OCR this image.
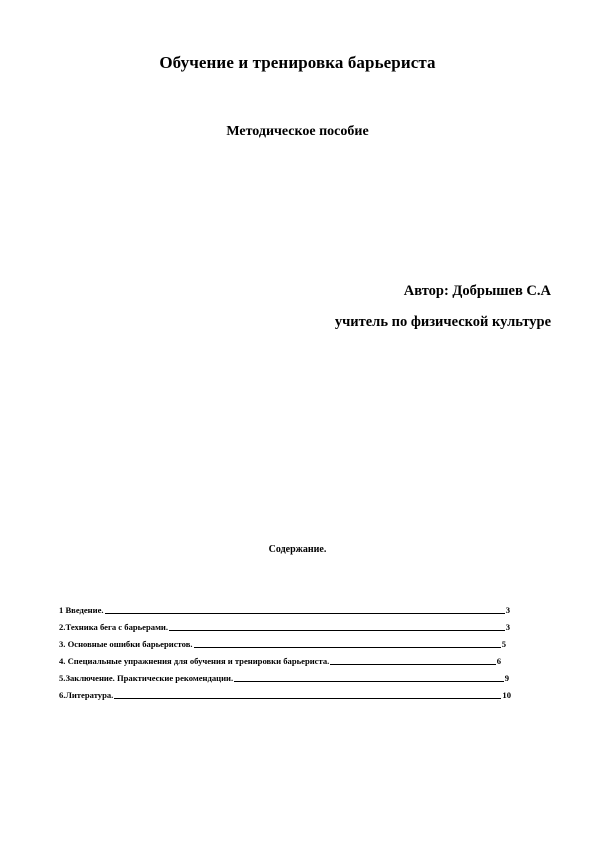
Обучение и тренировка барьериста
Методическое пособие
Автор: Добрышев С.А
учитель по физической культуре
Содержание.
1 Введение.	3
2.Техника бега с барьерами.	3
3. Основные ошибки барьеристов.	5
4. Специальные упражнения для обучения и тренировки барьериста.	6
5.Заключение. Практические рекомендации.	9
6.Литература.	10
